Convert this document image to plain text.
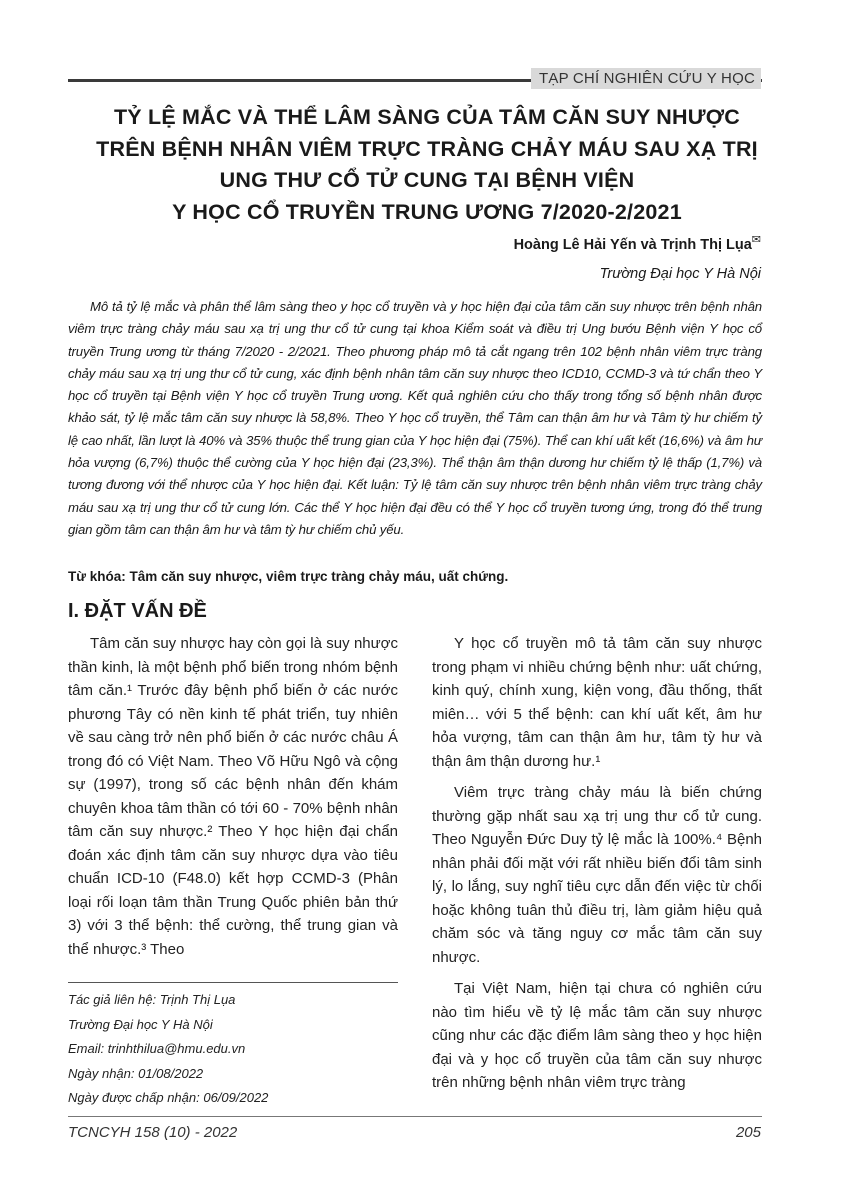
TẠP CHÍ NGHIÊN CỨU Y HỌC
TỶ LỆ MẮC VÀ THỂ LÂM SÀNG CỦA TÂM CĂN SUY NHƯỢC
TRÊN BỆNH NHÂN VIÊM TRỰC TRÀNG CHẢY MÁU SAU XẠ TRỊ
UNG THƯ CỔ TỬ CUNG TẠI BỆNH VIỆN
Y HỌC CỔ TRUYỀN TRUNG ƯƠNG 7/2020-2/2021
Hoàng Lê Hải Yến và Trịnh Thị Lụa✉
Trường Đại học Y Hà Nội
Mô tả tỷ lệ mắc và phân thể lâm sàng theo y học cổ truyền và y học hiện đại của tâm căn suy nhược trên bệnh nhân viêm trực tràng chảy máu sau xạ trị ung thư cổ tử cung tại khoa Kiểm soát và điều trị Ung bướu Bệnh viện Y học cổ truyền Trung ương từ tháng 7/2020 - 2/2021. Theo phương pháp mô tả cắt ngang trên 102 bệnh nhân viêm trực tràng chảy máu sau xạ trị ung thư cổ tử cung, xác định bệnh nhân tâm căn suy nhược theo ICD10, CCMD-3 và tứ chẩn theo Y học cổ truyền tại Bệnh viện Y học cổ truyền Trung ương. Kết quả nghiên cứu cho thấy trong tổng số bệnh nhân được khảo sát, tỷ lệ mắc tâm căn suy nhược là 58,8%. Theo Y học cổ truyền, thể Tâm can thận âm hư và Tâm tỳ hư chiếm tỷ lệ cao nhất, lần lượt là 40% và 35% thuộc thể trung gian của Y học hiện đại (75%). Thể can khí uất kết (16,6%) và âm hư hỏa vượng (6,7%) thuộc thể cường của Y học hiện đại (23,3%). Thể thận âm thận dương hư chiếm tỷ lệ thấp (1,7%) và tương đương với thể nhược của Y học hiện đại. Kết luận: Tỷ lệ tâm căn suy nhược trên bệnh nhân viêm trực tràng chảy máu sau xạ trị ung thư cổ tử cung lớn. Các thể Y học hiện đại đều có thể Y học cổ truyền tương ứng, trong đó thể trung gian gồm tâm can thận âm hư và tâm tỳ hư chiếm chủ yếu.
Từ khóa: Tâm căn suy nhược, viêm trực tràng chảy máu, uất chứng.
I. ĐẶT VẤN ĐỀ

Tâm căn suy nhược hay còn gọi là suy nhược thần kinh, là một bệnh phổ biến trong nhóm bệnh tâm căn.¹ Trước đây bệnh phổ biến ở các nước phương Tây có nền kinh tế phát triển, tuy nhiên về sau càng trở nên phổ biến ở các nước châu Á trong đó có Việt Nam. Theo Võ Hữu Ngô và cộng sự (1997), trong số các bệnh nhân đến khám chuyên khoa tâm thần có tới 60 - 70% bệnh nhân tâm căn suy nhược.² Theo Y học hiện đại chẩn đoán xác định tâm căn suy nhược dựa vào tiêu chuẩn ICD-10 (F48.0) kết hợp CCMD-3 (Phân loại rối loạn tâm thần Trung Quốc phiên bản thứ 3) với 3 thể bệnh: thể cường, thể trung gian và thể nhược.³ Theo

Y học cổ truyền mô tả tâm căn suy nhược trong phạm vi nhiều chứng bệnh như: uất chứng, kinh quý, chính xung, kiện vong, đầu thống, thất miên… với 5 thể bệnh: can khí uất kết, âm hư hỏa vượng, tâm can thận âm hư, tâm tỳ hư và thận âm thận dương hư.¹

Viêm trực tràng chảy máu là biến chứng thường gặp nhất sau xạ trị ung thư cổ tử cung. Theo Nguyễn Đức Duy tỷ lệ mắc là 100%.⁴ Bệnh nhân phải đối mặt với rất nhiều biến đổi tâm sinh lý, lo lắng, suy nghĩ tiêu cực dẫn đến việc từ chối hoặc không tuân thủ điều trị, làm giảm hiệu quả chăm sóc và tăng nguy cơ mắc tâm căn suy nhược.

Tại Việt Nam, hiện tại chưa có nghiên cứu nào tìm hiểu về tỷ lệ mắc tâm căn suy nhược cũng như các đặc điểm lâm sàng theo y học hiện đại và y học cổ truyền của tâm căn suy nhược trên những bệnh nhân viêm trực tràng

Tác giả liên hệ: Trịnh Thị Lụa
Trường Đại học Y Hà Nội
Email: trinhthilua@hmu.edu.vn
Ngày nhận: 01/08/2022
Ngày được chấp nhận: 06/09/2022
TCNCYH 158 (10) - 2022	205
